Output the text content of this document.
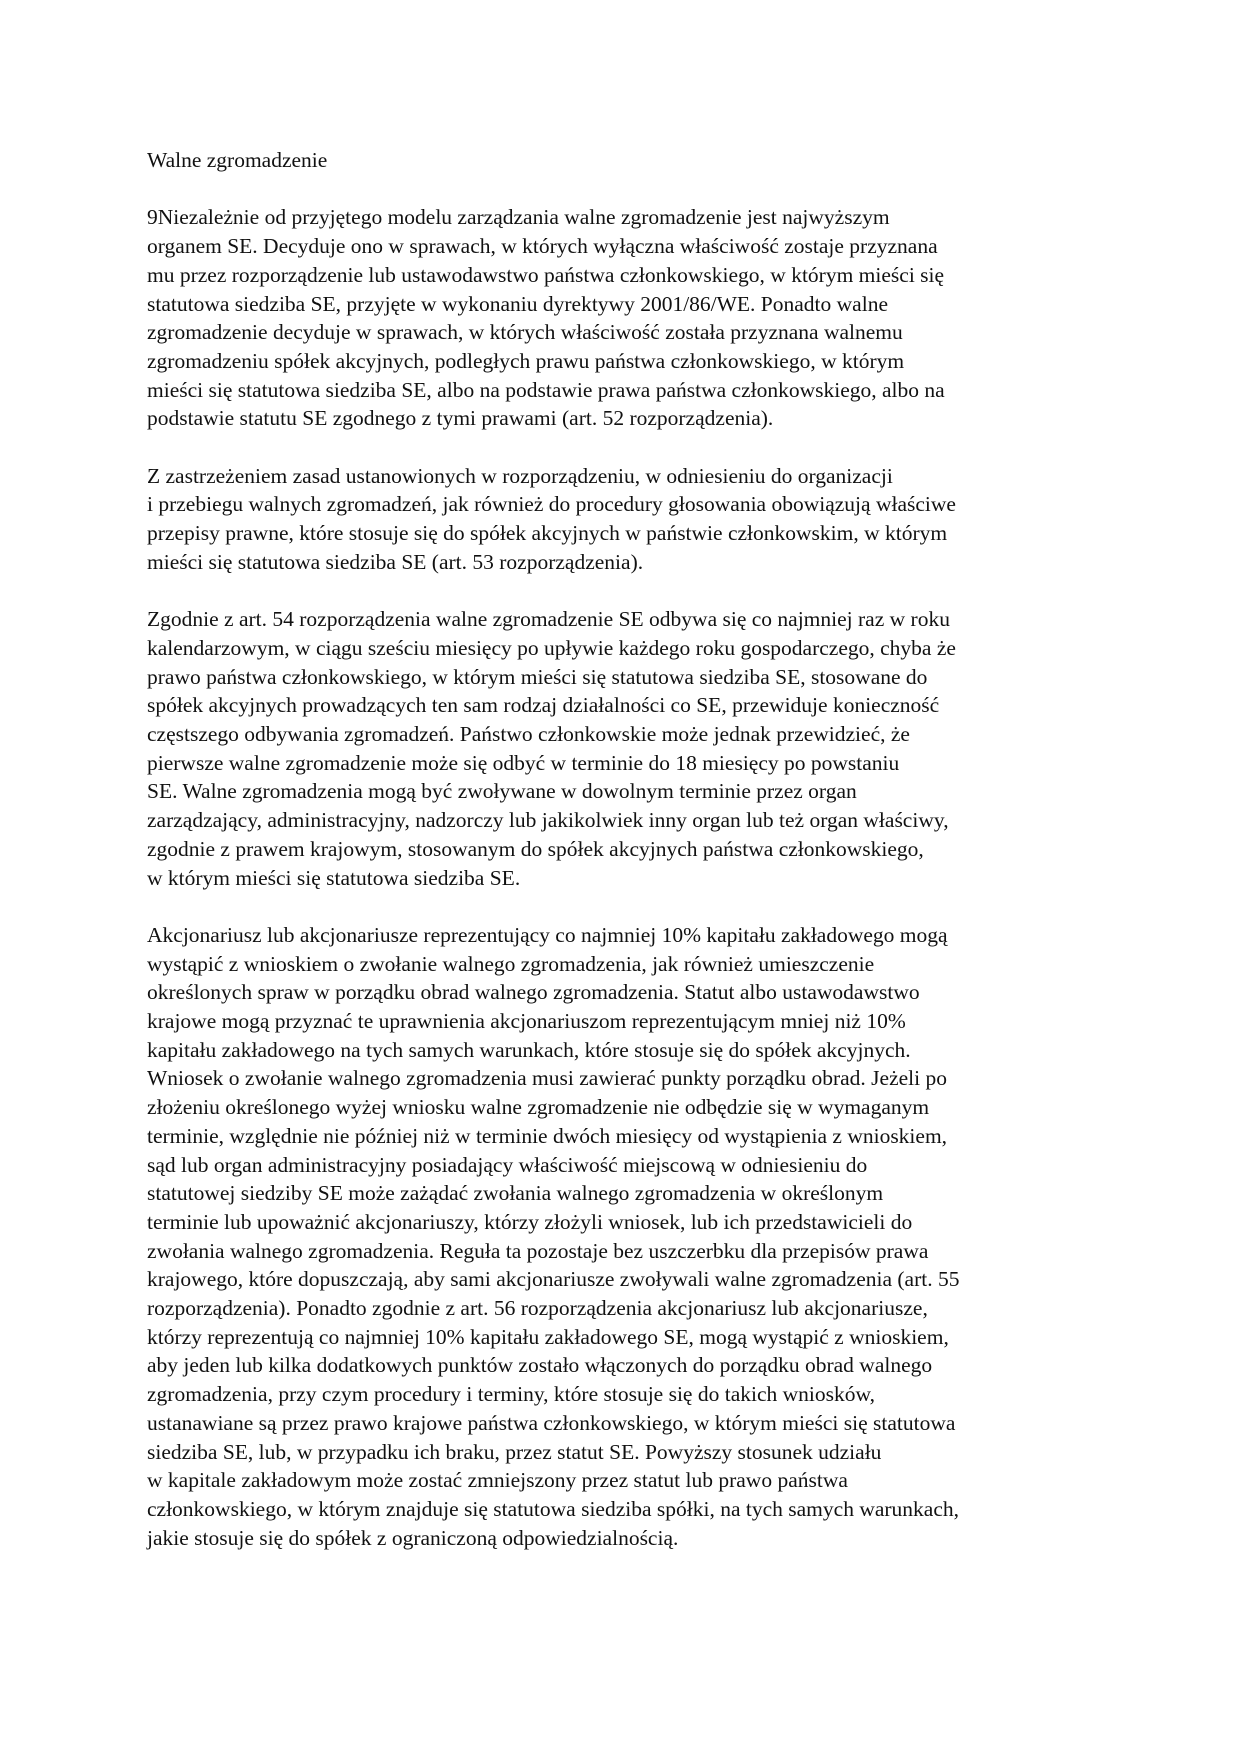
Walne zgromadzenie
9Niezależnie od przyjętego modelu zarządzania walne zgromadzenie jest najwyższym
organem SE. Decyduje ono w sprawach, w których wyłączna właściwość zostaje przyznana
mu przez rozporządzenie lub ustawodawstwo państwa członkowskiego, w którym mieści się
statutowa siedziba SE, przyjęte w wykonaniu dyrektywy 2001/86/WE. Ponadto walne
zgromadzenie decyduje w sprawach, w których właściwość została przyznana walnemu
zgromadzeniu spółek akcyjnych, podległych prawu państwa członkowskiego, w którym
mieści się statutowa siedziba SE, albo na podstawie prawa państwa członkowskiego, albo na
podstawie statutu SE zgodnego z tymi prawami (art. 52 rozporządzenia).
Z zastrzeżeniem zasad ustanowionych w rozporządzeniu, w odniesieniu do organizacji
i przebiegu walnych zgromadzeń, jak również do procedury głosowania obowiązują właściwe
przepisy prawne, które stosuje się do spółek akcyjnych w państwie członkowskim, w którym
mieści się statutowa siedziba SE (art. 53 rozporządzenia).
Zgodnie z art. 54 rozporządzenia walne zgromadzenie SE odbywa się co najmniej raz w roku
kalendarzowym, w ciągu sześciu miesięcy po upływie każdego roku gospodarczego, chyba że
prawo państwa członkowskiego, w którym mieści się statutowa siedziba SE, stosowane do
spółek akcyjnych prowadzących ten sam rodzaj działalności co SE, przewiduje konieczność
częstszego odbywania zgromadzeń. Państwo członkowskie może jednak przewidzieć, że
pierwsze walne zgromadzenie może się odbyć w terminie do 18 miesięcy po powstaniu
SE. Walne zgromadzenia mogą być zwoływane w dowolnym terminie przez organ
zarządzający, administracyjny, nadzorczy lub jakikolwiek inny organ lub też organ właściwy,
zgodnie z prawem krajowym, stosowanym do spółek akcyjnych państwa członkowskiego,
w którym mieści się statutowa siedziba SE.
Akcjonariusz lub akcjonariusze reprezentujący co najmniej 10% kapitału zakładowego mogą
wystąpić z wnioskiem o zwołanie walnego zgromadzenia, jak również umieszczenie
określonych spraw w porządku obrad walnego zgromadzenia. Statut albo ustawodawstwo
krajowe mogą przyznać te uprawnienia akcjonariuszom reprezentującym mniej niż 10%
kapitału zakładowego na tych samych warunkach, które stosuje się do spółek akcyjnych.
Wniosek o zwołanie walnego zgromadzenia musi zawierać punkty porządku obrad. Jeżeli po
złożeniu określonego wyżej wniosku walne zgromadzenie nie odbędzie się w wymaganym
terminie, względnie nie później niż w terminie dwóch miesięcy od wystąpienia z wnioskiem,
sąd lub organ administracyjny posiadający właściwość miejscową w odniesieniu do
statutowej siedziby SE może zażądać zwołania walnego zgromadzenia w określonym
terminie lub upoważnić akcjonariuszy, którzy złożyli wniosek, lub ich przedstawicieli do
zwołania walnego zgromadzenia. Reguła ta pozostaje bez uszczerbku dla przepisów prawa
krajowego, które dopuszczają, aby sami akcjonariusze zwoływali walne zgromadzenia (art. 55
rozporządzenia). Ponadto zgodnie z art. 56 rozporządzenia akcjonariusz lub akcjonariusze,
którzy reprezentują co najmniej 10% kapitału zakładowego SE, mogą wystąpić z wnioskiem,
aby jeden lub kilka dodatkowych punktów zostało włączonych do porządku obrad walnego
zgromadzenia, przy czym procedury i terminy, które stosuje się do takich wniosków,
ustanawiane są przez prawo krajowe państwa członkowskiego, w którym mieści się statutowa
siedziba SE, lub, w przypadku ich braku, przez statut SE. Powyższy stosunek udziału
w kapitale zakładowym może zostać zmniejszony przez statut lub prawo państwa
członkowskiego, w którym znajduje się statutowa siedziba spółki, na tych samych warunkach,
jakie stosuje się do spółek z ograniczoną odpowiedzialnością.
